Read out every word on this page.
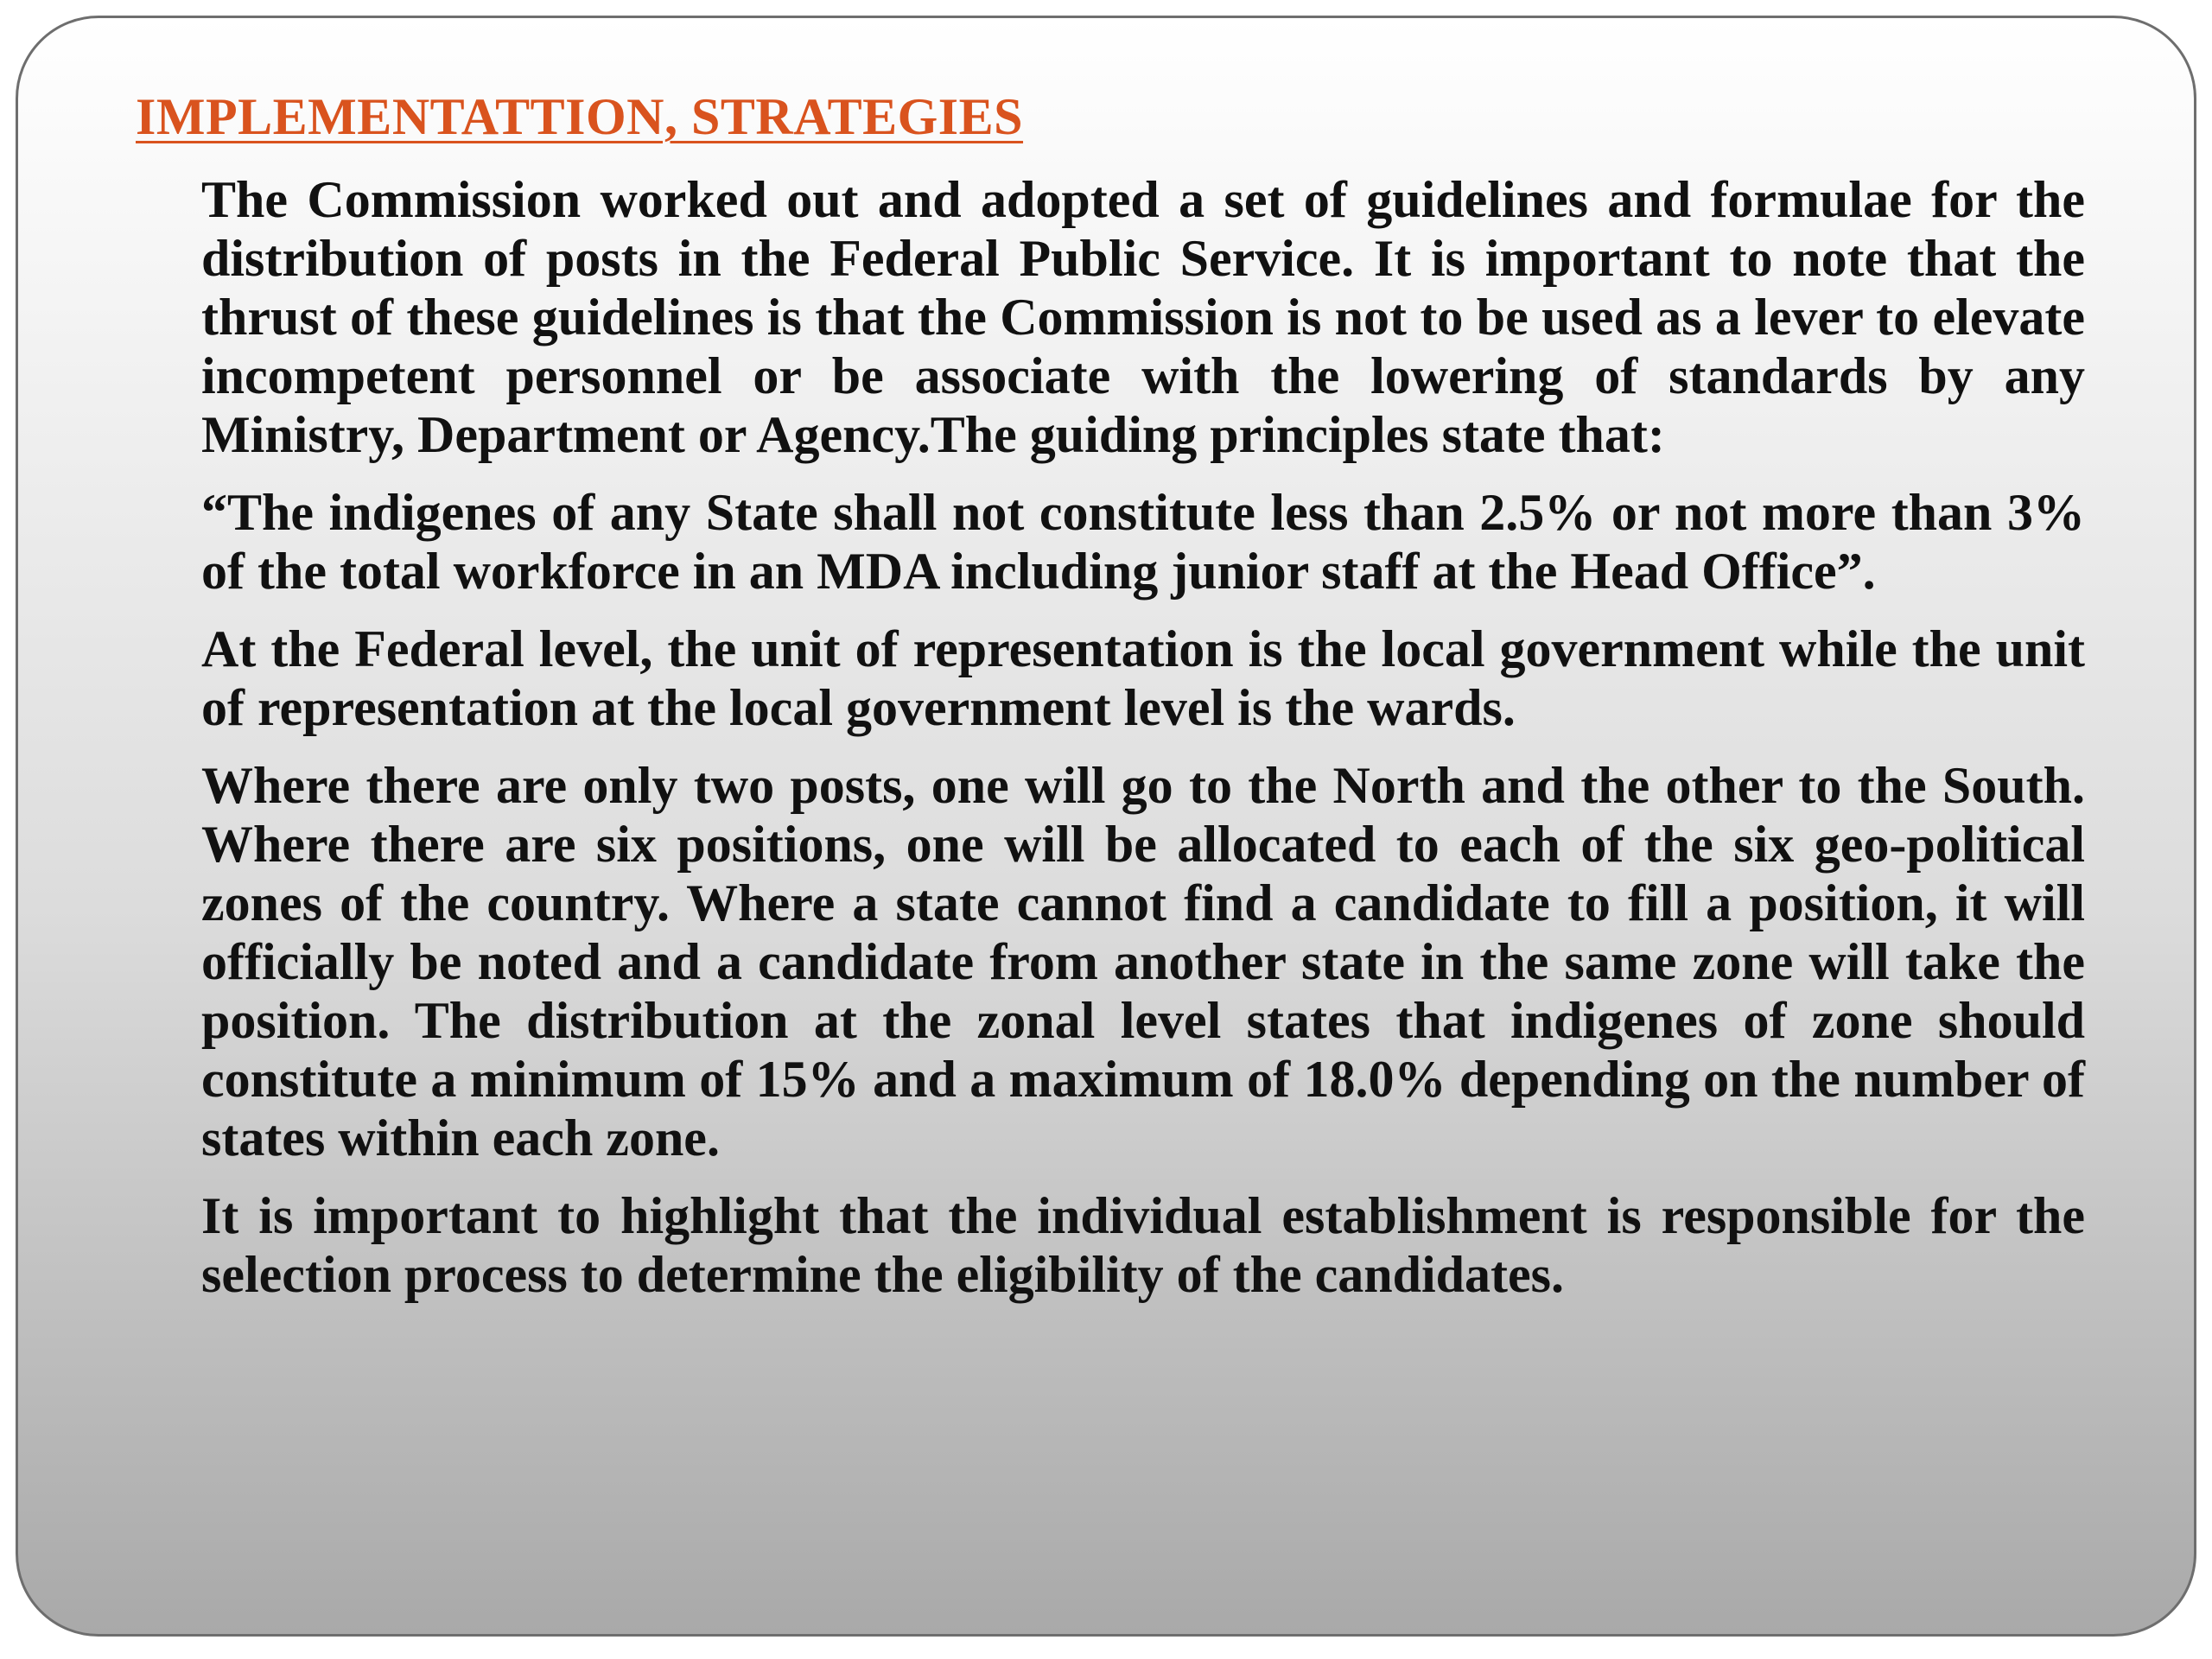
IMPLEMENTATTION, STRATEGIES

The Commission worked out and adopted a set of guidelines and formulae for the distribution of posts in the Federal Public Service. It is important to note that the thrust of these guidelines is that the Commission is not to be used as a lever to elevate incompetent personnel or be associate with the lowering of standards by any Ministry, Department or Agency.The guiding principles state that:

“The indigenes of any State shall not constitute less than 2.5% or not more than 3% of the total workforce in an MDA including junior staff at the Head Office”.

At the Federal level, the unit of representation is the local government while the unit of representation at the local government level is the wards.

Where there are only two posts, one will go to the North and the other to the South. Where there are six positions, one will be allocated to each of the six geo-political zones of the country. Where a state cannot find a candidate to fill a position, it will officially be noted and a candidate from another state in the same zone will take the position. The distribution at the zonal level states that indigenes of zone should constitute a minimum of 15% and a maximum of 18.0% depending on the number of states within each zone.

It is important to highlight that the individual establishment is responsible for the selection process to determine the eligibility of the candidates.
